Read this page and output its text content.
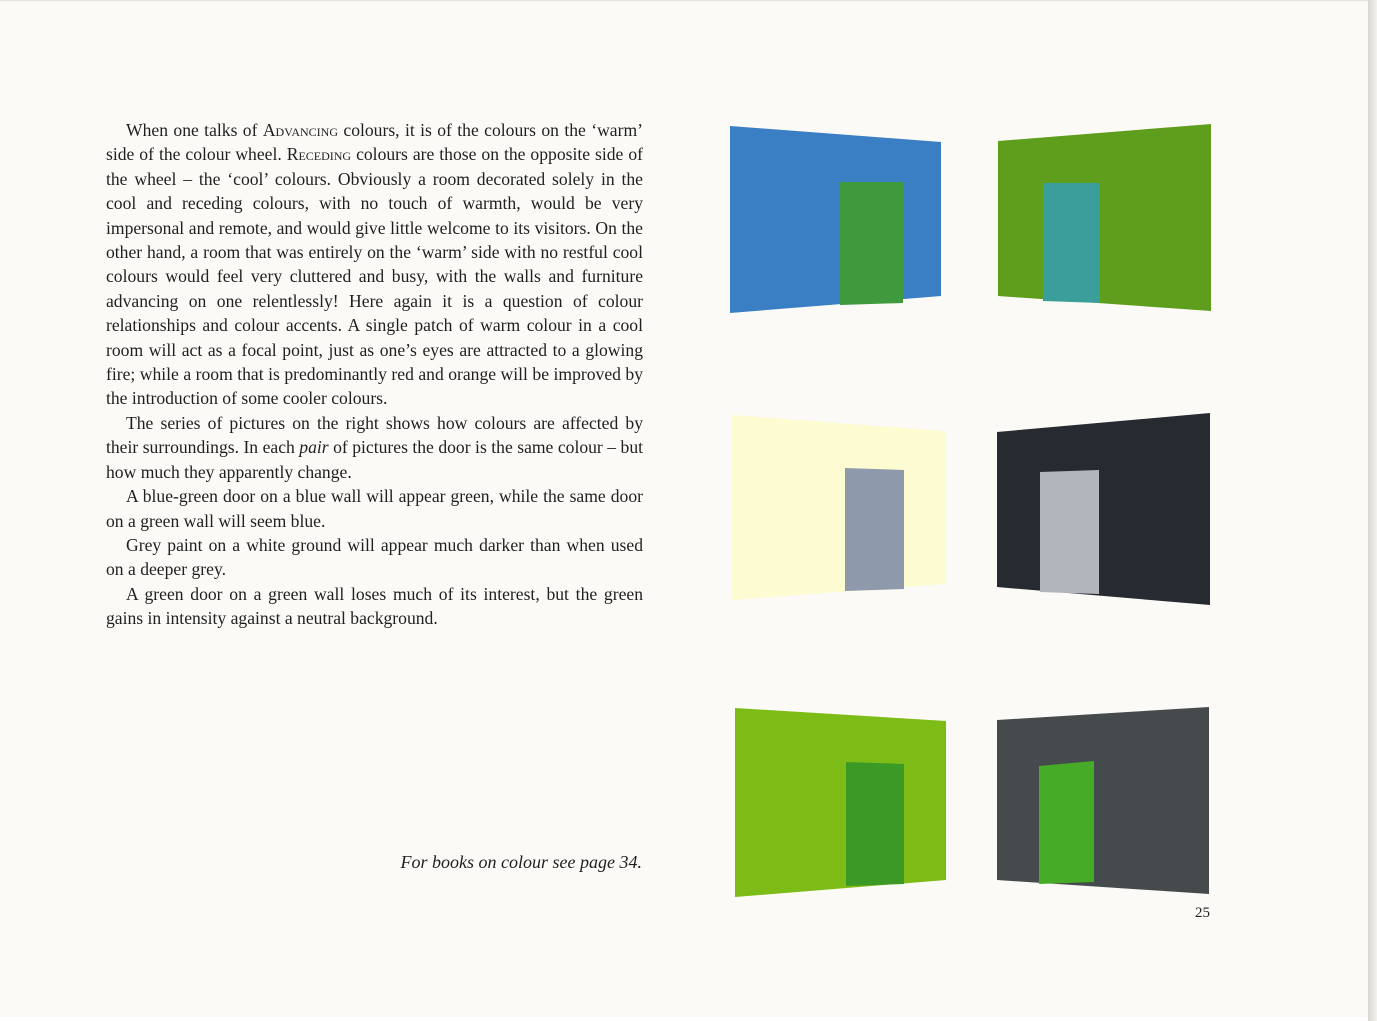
When one talks of Advancing colours, it is of the colours on the ‘warm’ side of the colour wheel. Receding colours are those on the opposite side of the wheel – the ‘cool’ colours. Obviously a room decorated solely in the cool and receding colours, with no touch of warmth, would be very impersonal and remote, and would give little welcome to its visitors. On the other hand, a room that was entirely on the ‘warm’ side with no restful cool colours would feel very cluttered and busy, with the walls and furniture advancing on one relentlessly! Here again it is a question of colour relationships and colour accents. A single patch of warm colour in a cool room will act as a focal point, just as one’s eyes are attracted to a glowing fire; while a room that is predominantly red and orange will be improved by the introduction of some cooler colours.

The series of pictures on the right shows how colours are affected by their surroundings. In each pair of pictures the door is the same colour – but how much they apparently change.

A blue-green door on a blue wall will appear green, while the same door on a green wall will seem blue.

Grey paint on a white ground will appear much darker than when used on a deeper grey.

A green door on a green wall loses much of its interest, but the green gains in intensity against a neutral background.

For books on colour see page 34.
25
